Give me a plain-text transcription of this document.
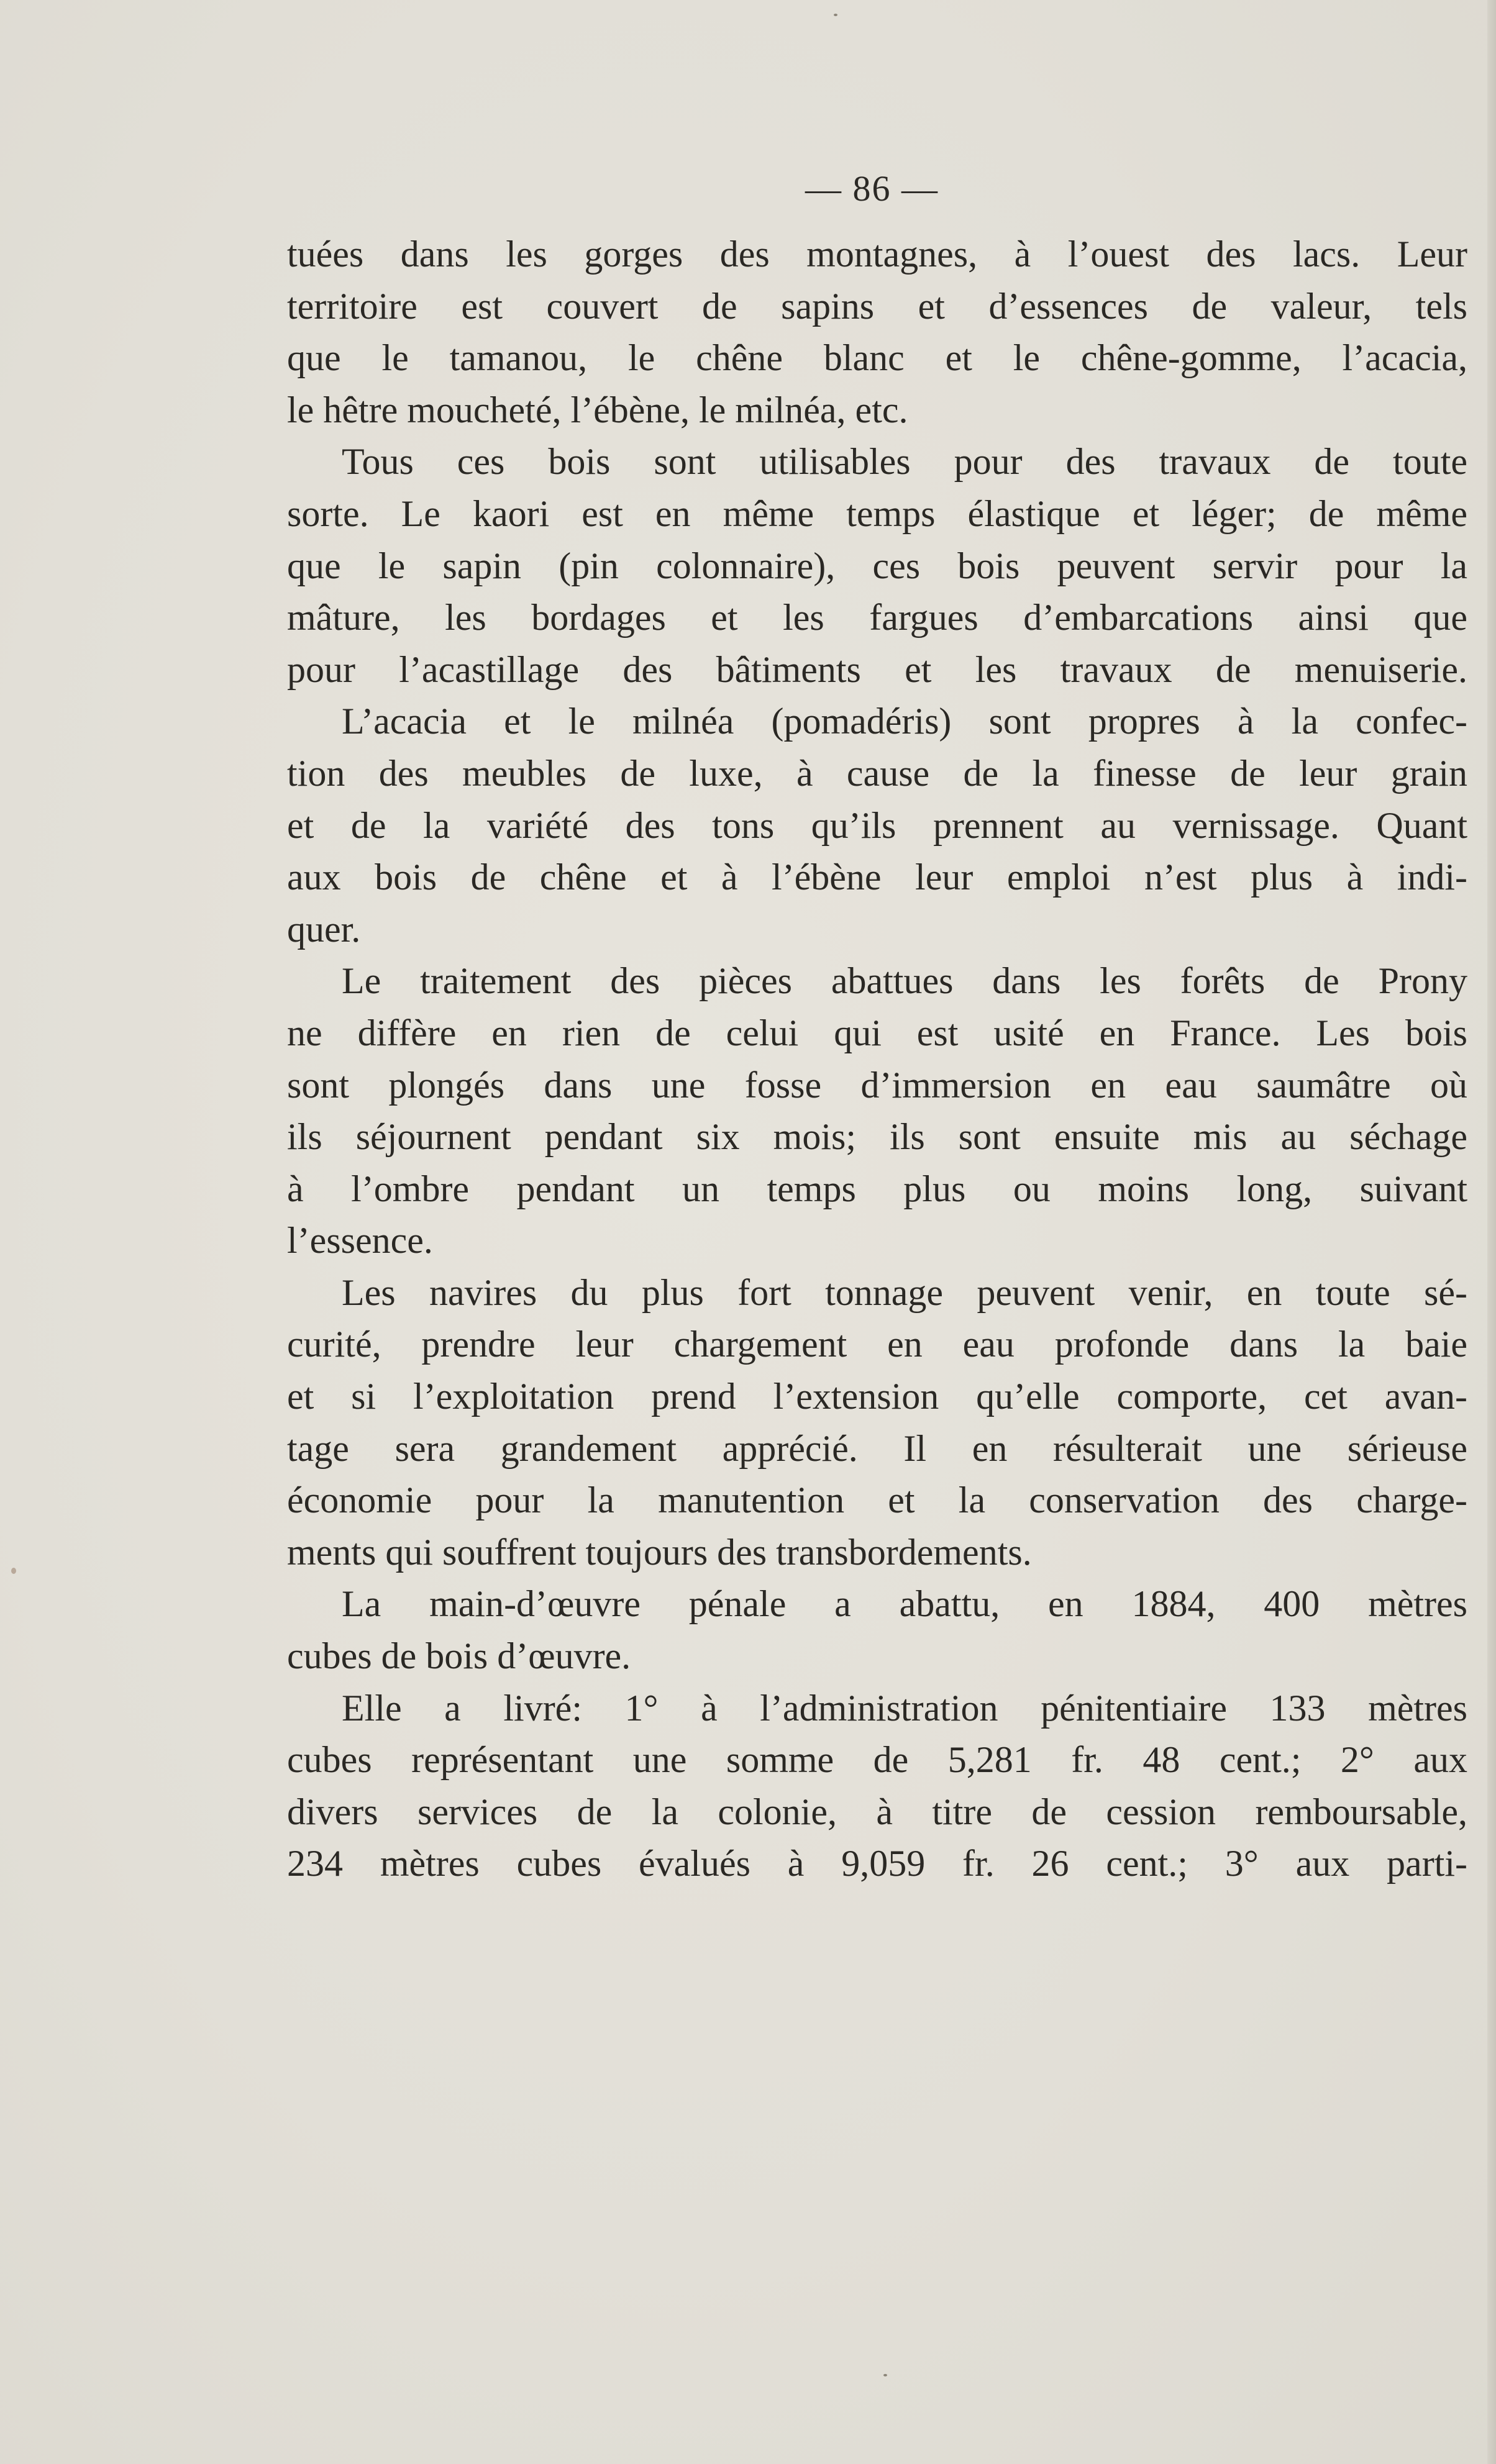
— 86 —
tuées dans les gorges des montagnes, à l’ouest des lacs. Leur
territoire est couvert de sapins et d’essences de valeur, tels
que le tamanou, le chêne blanc et le chêne-gomme, l’acacia,
le hêtre moucheté, l’ébène, le milnéa, etc.
Tous ces bois sont utilisables pour des travaux de toute
sorte. Le kaori est en même temps élastique et léger; de même
que le sapin (pin colonnaire), ces bois peuvent servir pour la
mâture, les bordages et les fargues d’embarcations ainsi que
pour l’acastillage des bâtiments et les travaux de menuiserie.
L’acacia et le milnéa (pomadéris) sont propres à la confec-
tion des meubles de luxe, à cause de la finesse de leur grain
et de la variété des tons qu’ils prennent au vernissage. Quant
aux bois de chêne et à l’ébène leur emploi n’est plus à indi-
quer.
Le traitement des pièces abattues dans les forêts de Prony
ne diffère en rien de celui qui est usité en France. Les bois
sont plongés dans une fosse d’immersion en eau saumâtre où
ils séjournent pendant six mois; ils sont ensuite mis au séchage
à l’ombre pendant un temps plus ou moins long, suivant
l’essence.
Les navires du plus fort tonnage peuvent venir, en toute sé-
curité, prendre leur chargement en eau profonde dans la baie
et si l’exploitation prend l’extension qu’elle comporte, cet avan-
tage sera grandement apprécié. Il en résulterait une sérieuse
économie pour la manutention et la conservation des charge-
ments qui souffrent toujours des transbordements.
La main-d’œuvre pénale a abattu, en 1884, 400 mètres
cubes de bois d’œuvre.
Elle a livré: 1° à l’administration pénitentiaire 133 mètres
cubes représentant une somme de 5,281 fr. 48 cent.; 2° aux
divers services de la colonie, à titre de cession remboursable,
234 mètres cubes évalués à 9,059 fr. 26 cent.; 3° aux parti-
